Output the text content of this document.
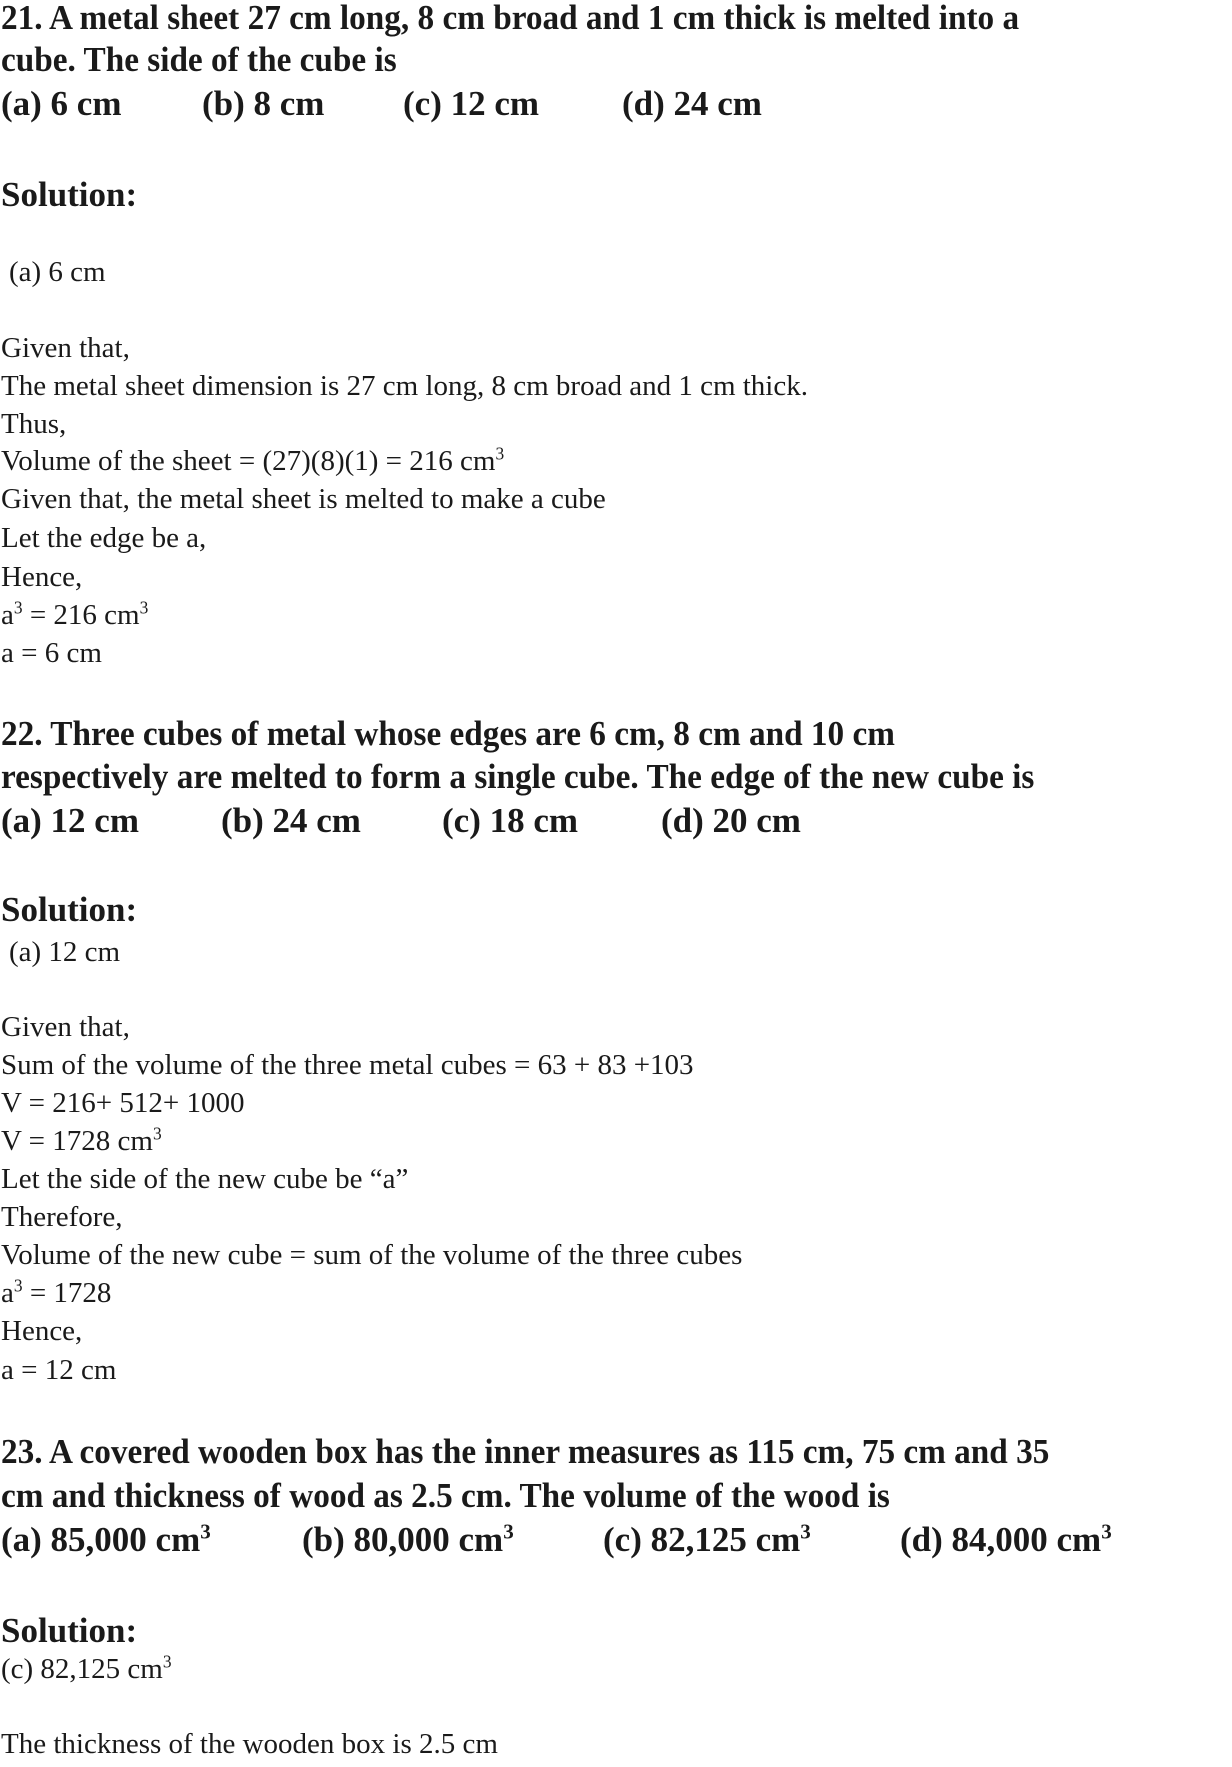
21. A metal sheet 27 cm long, 8 cm broad and 1 cm thick is melted into a
cube. The side of the cube is
(a) 6 cm (b) 8 cm (c) 12 cm (d) 24 cm
Solution:
(a) 6 cm
Given that,
The metal sheet dimension is 27 cm long, 8 cm broad and 1 cm thick.
Thus,
Volume of the sheet = (27)(8)(1) = 216 $cm^3$
Given that, the metal sheet is melted to make a cube
Let the edge be a,
Hence,
$a^3 = 216$ $cm^3$
a = 6 cm
22. Three cubes of metal whose edges are 6 cm, 8 cm and 10 cm
respectively are melted to form a single cube. The edge of the new cube is
(a) 12 cm (b) 24 cm (c) 18 cm (d) 20 cm
Solution:
(a) 12 cm
Given that,
Sum of the volume of the three metal cubes = 63 + 83 +103
V = 216+ 512+ 1000
V = 1728 $cm^3$
Let the side of the new cube be “a”
Therefore,
Volume of the new cube = sum of the volume of the three cubes
$a^3 = 1728$
Hence,
a = 12 cm
23. A covered wooden box has the inner measures as 115 cm, 75 cm and 35
cm and thickness of wood as 2.5 cm. The volume of the wood is
(a) 85,000 $cm^3$	(b) 80,000 $cm^3$	(c) 82,125 $cm^3$	(d) 84,000 $cm^3$
Solution:
(c) 82,125 $cm^3$
The thickness of the wooden box is 2.5 cm
